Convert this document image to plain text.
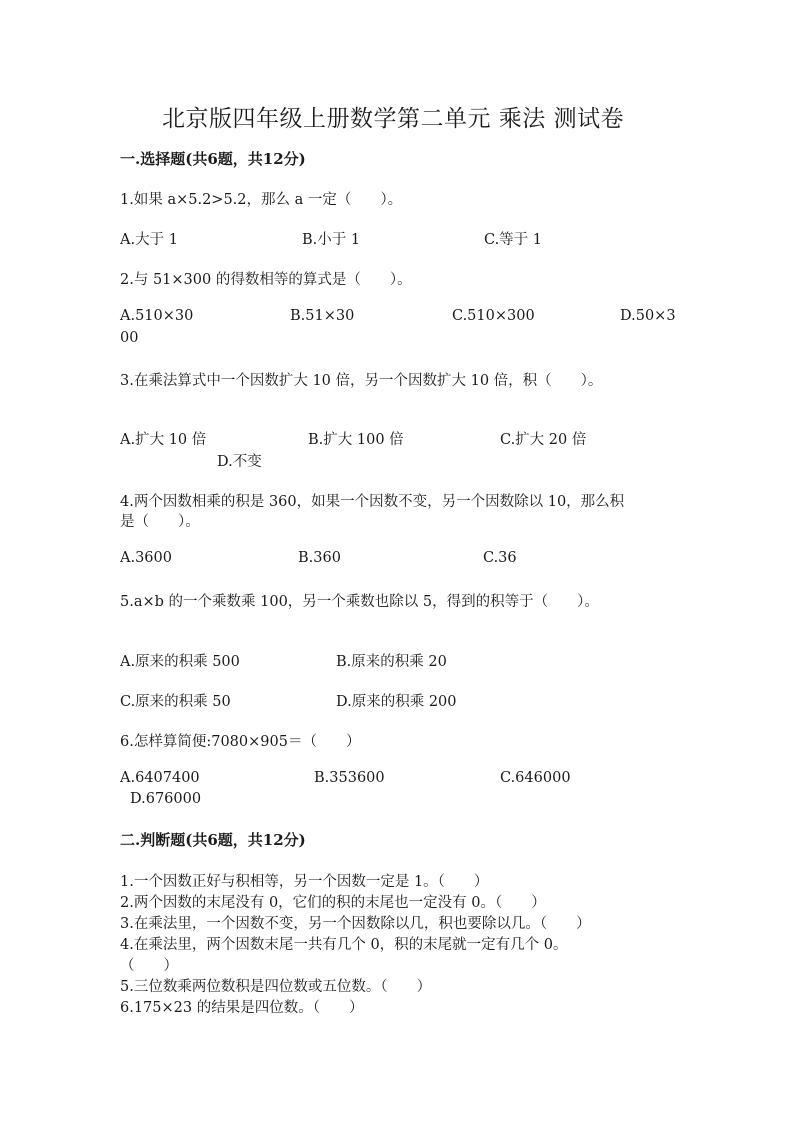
北京版四年级上册数学第二单元 乘法 测试卷
一.选择题(共6题，共12分)
1.如果 a×5.2>5.2，那么 a 一定（　　）。
A.大于 1	B.小于 1	C.等于 1
2.与 51×300 的得数相等的算式是（　　）。
A.510×30	B.51×30	C.510×300	D.50×3
00
3.在乘法算式中一个因数扩大 10 倍，另一个因数扩大 10 倍，积（　　）。
A.扩大 10 倍	B.扩大 100 倍	C.扩大 20 倍
D.不变
4.两个因数相乘的积是 360，如果一个因数不变，另一个因数除以 10，那么积
是（　　）。
A.3600	B.360	C.36
5.a×b 的一个乘数乘 100，另一个乘数也除以 5，得到的积等于（　　）。
A.原来的积乘 500	B.原来的积乘 20
C.原来的积乘 50	D.原来的积乘 200
6.怎样算简便:7080×905＝（　　）
A.6407400	B.353600	C.646000
D.676000
二.判断题(共6题，共12分)
1.一个因数正好与积相等，另一个因数一定是 1。（　　）
2.两个因数的末尾没有 0，它们的积的末尾也一定没有 0。（　　）
3.在乘法里，一个因数不变，另一个因数除以几，积也要除以几。（　　）
4.在乘法里，两个因数末尾一共有几个 0，积的末尾就一定有几个 0。
（　　）
5.三位数乘两位数积是四位数或五位数。（　　）
6.175×23 的结果是四位数。（　　）
